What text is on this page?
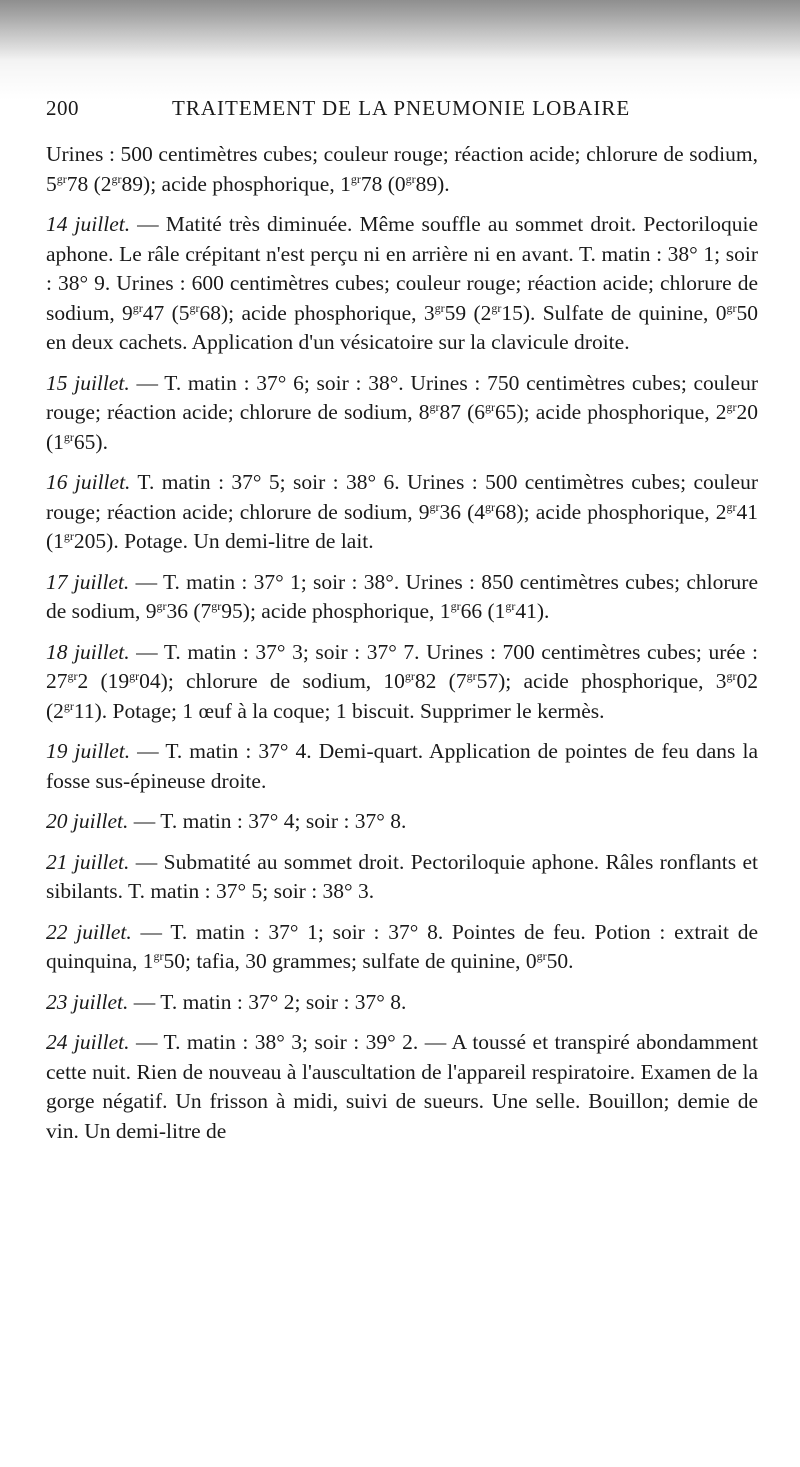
200	TRAITEMENT DE LA PNEUMONIE LOBAIRE

Urines : 500 centimètres cubes; couleur rouge; réaction acide; chlorure de sodium, $5^{gr}78$ $(2^{gr}89)$; acide phosphorique, $1^{gr}78$ $(0^{gr}89)$.

14 juillet. — Matité très diminuée. Même souffle au sommet droit. Pectoriloquie aphone. Le râle crépitant n'est perçu ni en arrière ni en avant. T. matin : 38° 1; soir : 38° 9. Urines : 600 centimètres cubes; couleur rouge; réaction acide; chlorure de sodium, $9^{gr}47$ $(5^{gr}68)$; acide phosphorique, $3^{gr}59$ $(2^{gr}15)$. Sulfate de quinine, $0^{gr}50$ en deux cachets. Application d'un vésicatoire sur la clavicule droite.

15 juillet. — T. matin : 37° 6; soir : 38°. Urines : 750 centimètres cubes; couleur rouge; réaction acide; chlorure de sodium, $8^{gr}87$ $(6^{gr}65)$; acide phosphorique, $2^{gr}20$ $(1^{gr}65)$.

16 juillet. T. matin : 37° 5; soir : 38° 6. Urines : 500 centimètres cubes; couleur rouge; réaction acide; chlorure de sodium, $9^{gr}36$ $(4^{gr}68)$; acide phosphorique, $2^{gr}41$ $(1^{gr}205)$. Potage. Un demi-litre de lait.

17 juillet. — T. matin : 37° 1; soir : 38°. Urines : 850 centimètres cubes; chlorure de sodium, $9^{gr}36$ $(7^{gr}95)$; acide phosphorique, $1^{gr}66$ $(1^{gr}41)$.

18 juillet. — T. matin : 37° 3; soir : 37° 7. Urines : 700 centimètres cubes; urée : $27^{gr}2$ $(19^{gr}04)$; chlorure de sodium, $10^{gr}82$ $(7^{gr}57)$; acide phosphorique, $3^{gr}02$ $(2^{gr}11)$. Potage; 1 œuf à la coque; 1 biscuit. Supprimer le kermès.

19 juillet. — T. matin : 37° 4. Demi-quart. Application de pointes de feu dans la fosse sus-épineuse droite.

20 juillet. — T. matin : 37° 4; soir : 37° 8.

21 juillet. — Submatité au sommet droit. Pectoriloquie aphone. Râles ronflants et sibilants. T. matin : 37° 5; soir : 38° 3.

22 juillet. — T. matin : 37° 1; soir : 37° 8. Pointes de feu. Potion : extrait de quinquina, $1^{gr}50$; tafia, 30 grammes; sulfate de quinine, $0^{gr}50$.

23 juillet. — T. matin : 37° 2; soir : 37° 8.

24 juillet. — T. matin : 38° 3; soir : 39° 2. — A toussé et transpiré abondamment cette nuit. Rien de nouveau à l'auscultation de l'appareil respiratoire. Examen de la gorge négatif. Un frisson à midi, suivi de sueurs. Une selle. Bouillon; demie de vin. Un demi-litre de
